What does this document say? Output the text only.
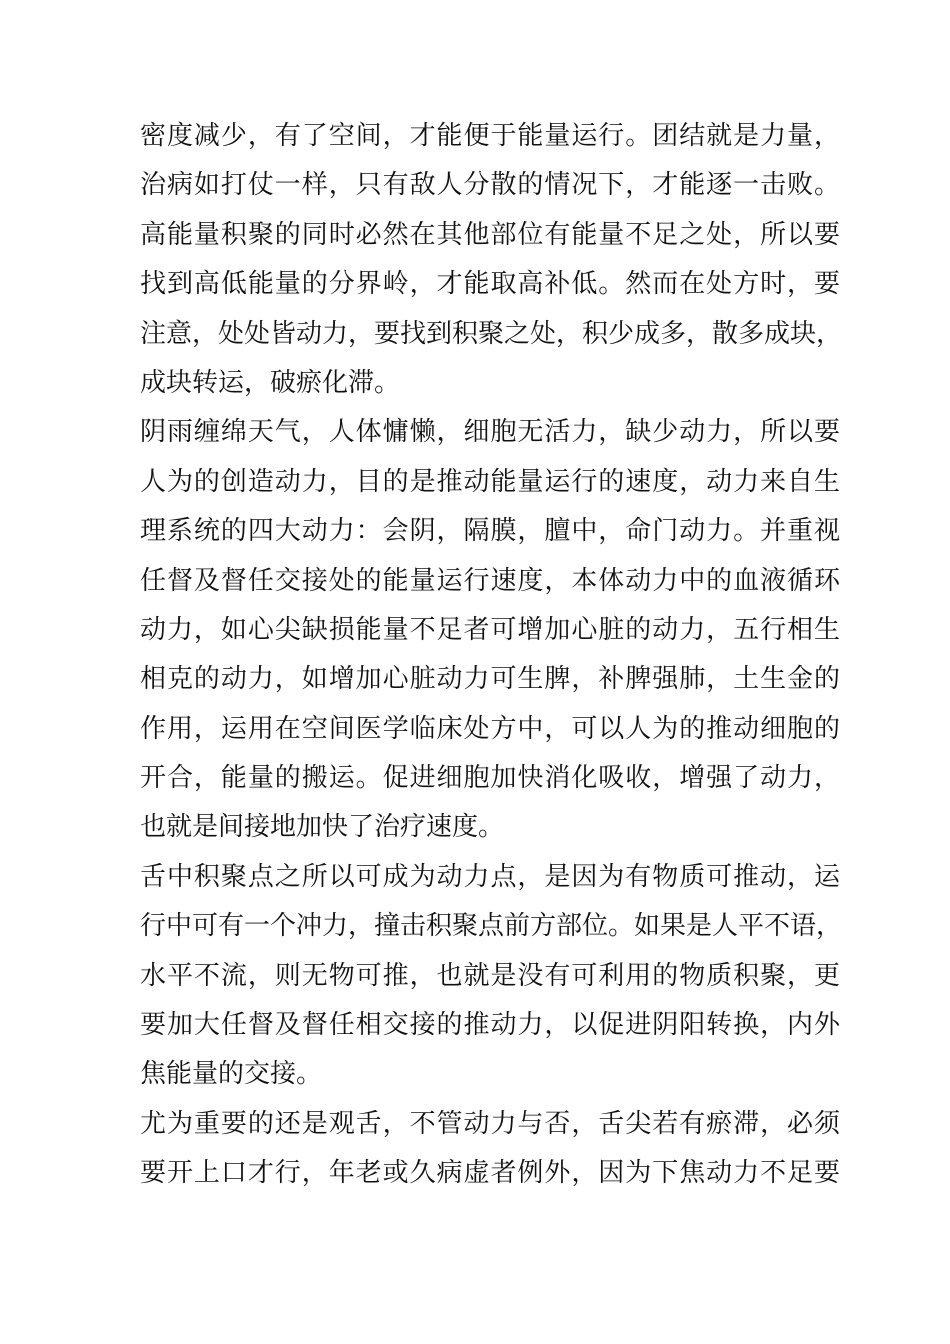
密度减少，有了空间，才能便于能量运行。团结就是力量，
治病如打仗一样，只有敌人分散的情况下，才能逐一击败。
高能量积聚的同时必然在其他部位有能量不足之处，所以要
找到高低能量的分界岭，才能取高补低。然而在处方时，要
注意，处处皆动力，要找到积聚之处，积少成多，散多成块，
成块转运，破瘀化滞。
阴雨缠绵天气，人体慵懒，细胞无活力，缺少动力，所以要
人为的创造动力，目的是推动能量运行的速度，动力来自生
理系统的四大动力：会阴，隔膜，膻中，命门动力。并重视
任督及督任交接处的能量运行速度，本体动力中的血液循环
动力，如心尖缺损能量不足者可增加心脏的动力，五行相生
相克的动力，如增加心脏动力可生脾，补脾强肺，土生金的
作用，运用在空间医学临床处方中，可以人为的推动细胞的
开合，能量的搬运。促进细胞加快消化吸收，增强了动力，
也就是间接地加快了治疗速度。
舌中积聚点之所以可成为动力点，是因为有物质可推动，运
行中可有一个冲力，撞击积聚点前方部位。如果是人平不语，
水平不流，则无物可推，也就是没有可利用的物质积聚，更
要加大任督及督任相交接的推动力，以促进阴阳转换，内外
焦能量的交接。
尤为重要的还是观舌，不管动力与否，舌尖若有瘀滞，必须
要开上口才行，年老或久病虚者例外，因为下焦动力不足要
